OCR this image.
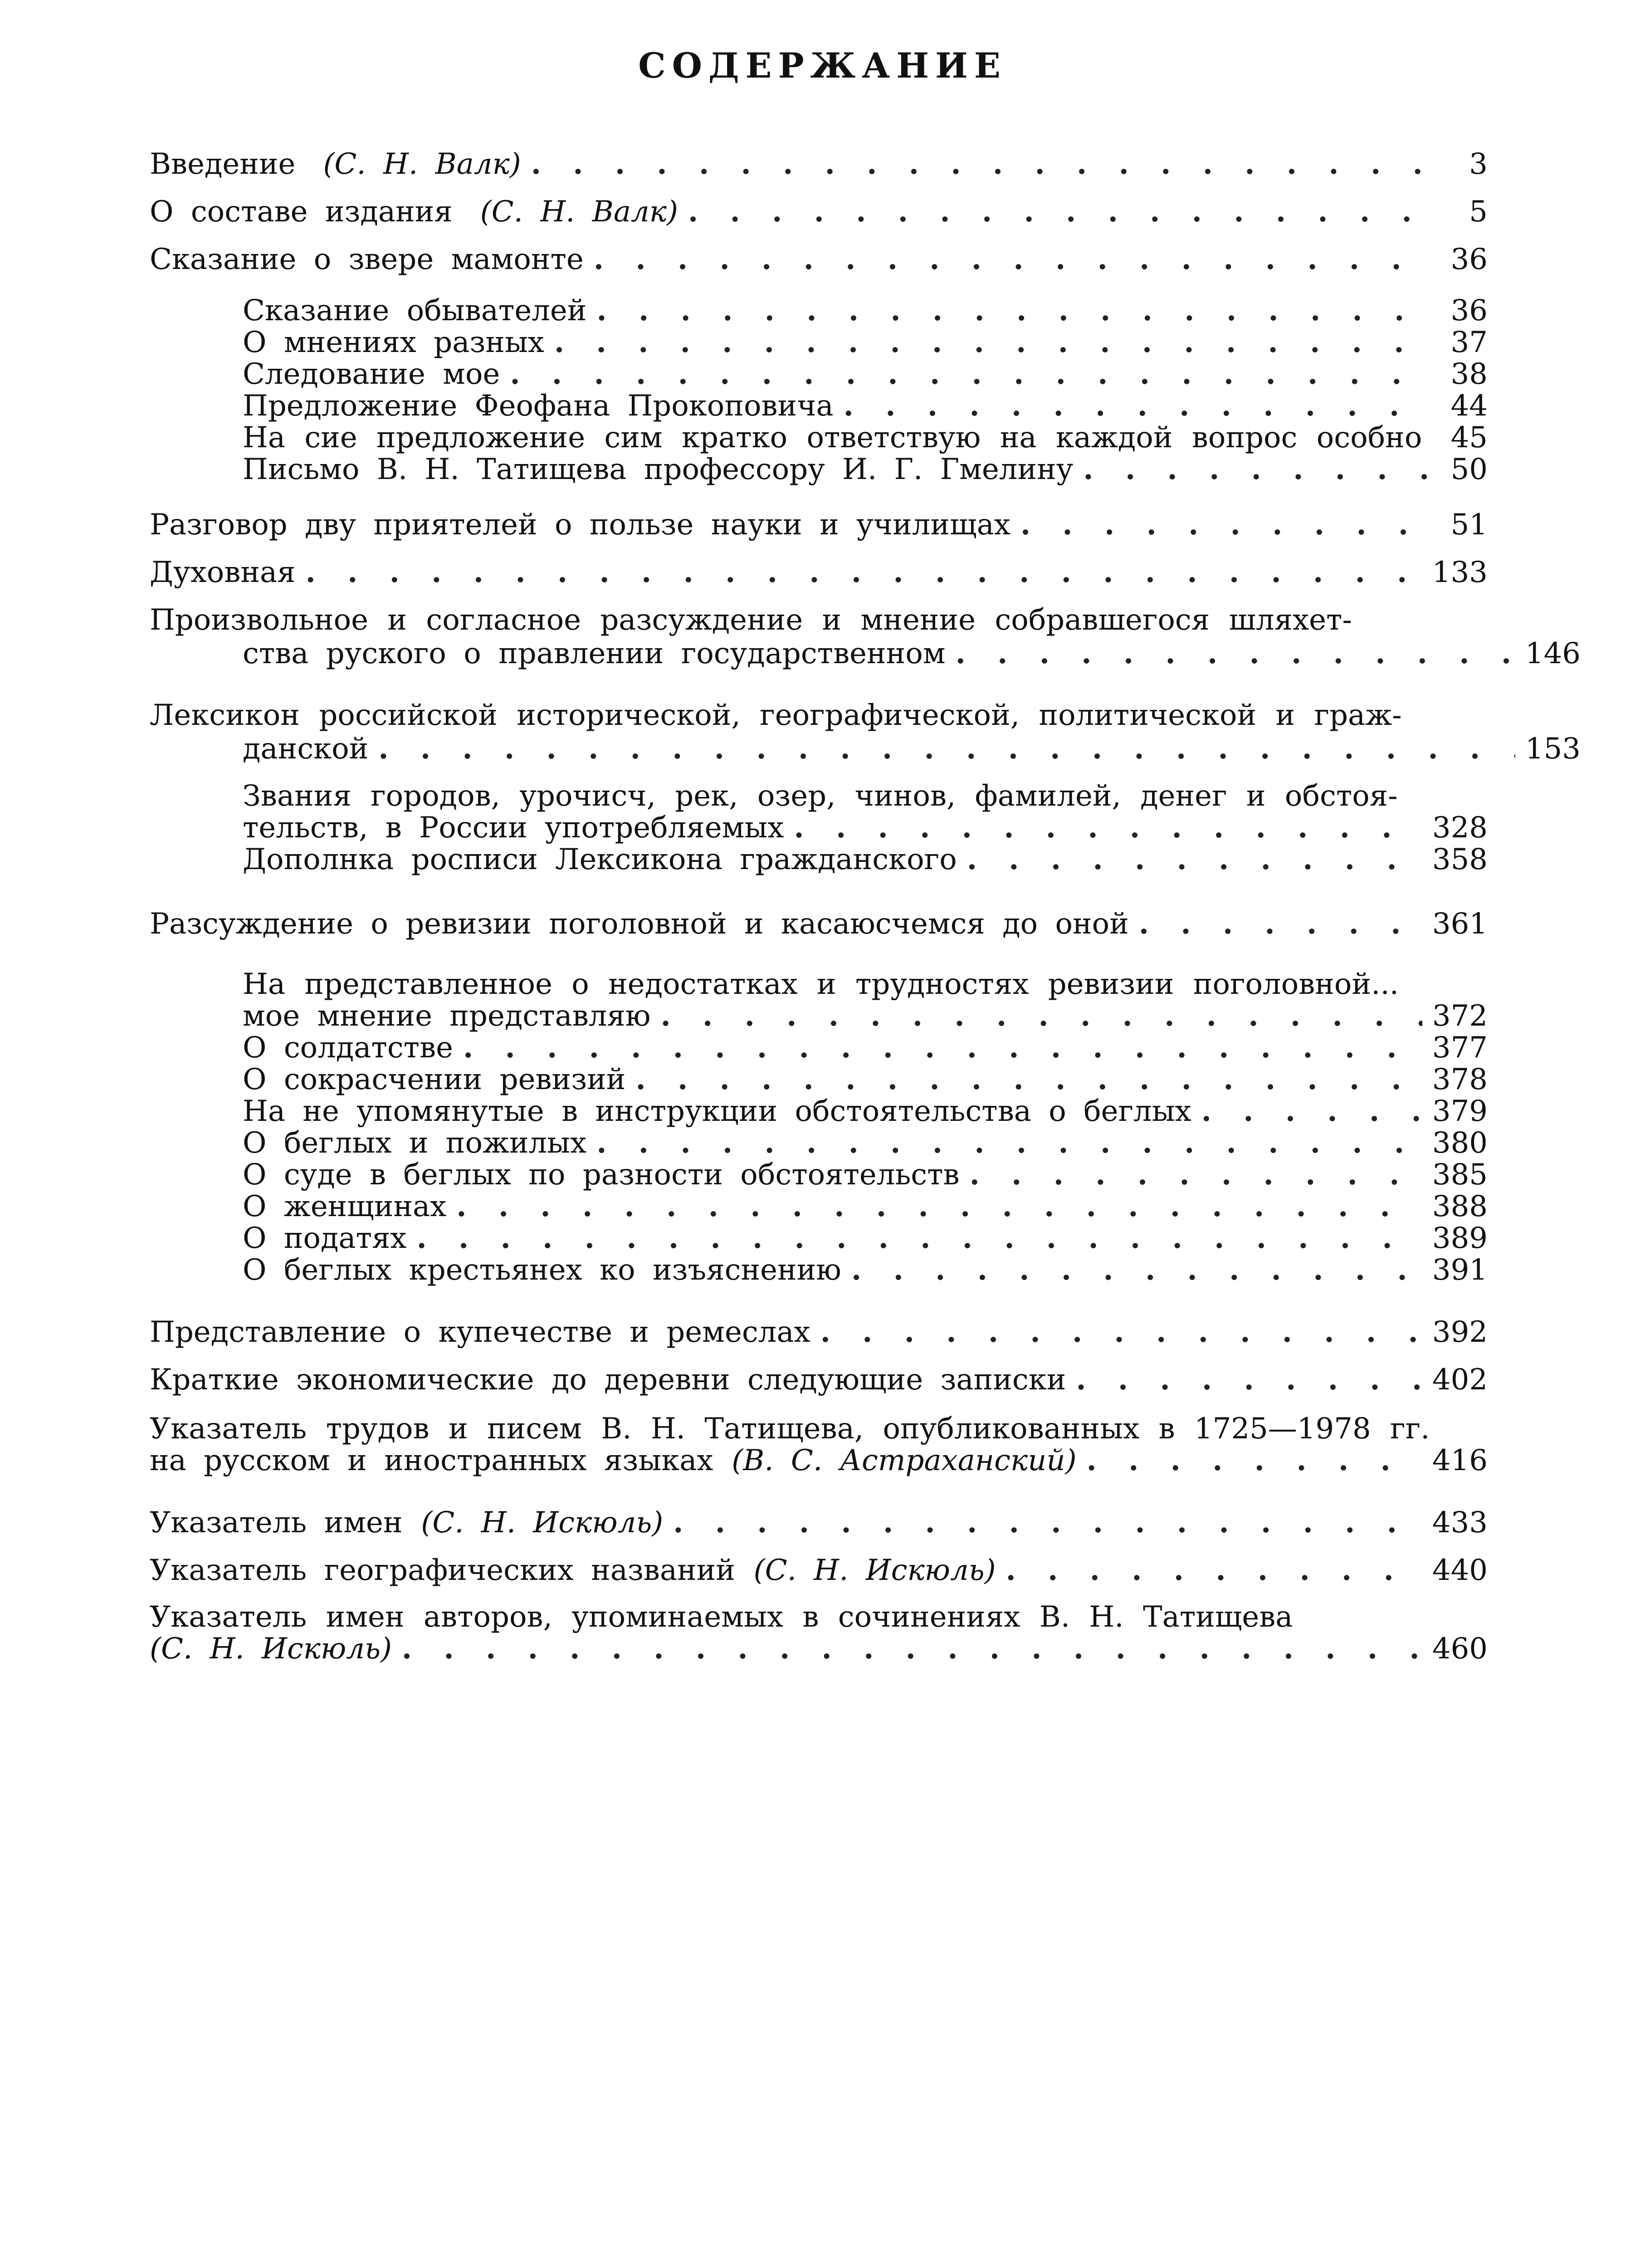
СОДЕРЖАНИЕ
Введение
(С. Н. Валк) . . .	3
О составе издания
(С. Н. Валк) . . .	5
Сказание о звере мамонте . . .	36
Сказание обывателей . . .	36
О мнениях разных . . .	37
Следование мое . . .	38
Предложение Феофана Прокоповича . . .	44
На сие предложение сим кратко ответствую на каждой вопрос особно 45
Письмо В. Н. Татищева профессору И. Г. Гмелину . . .	50
Разговор дву приятелей о пользе науки и училищах . . .	51
Духовная . . .	133
Произвольное и согласное разсуждение и мнение собравшегося шляхет-
ства руского о правлении государственном . . .	146
Лексикон российской исторической, географической, политической и граж-
данской . . .	153
Звания городов, урочисч, рек, озер, чинов, фамилей, денег и обстоя-
тельств, в России употребляемых . . .	328
Дополнка росписи Лексикона гражданского . . .	358
Разсуждение о ревизии поголовной и касаюсчемся до оной . . .	361
На представленное о недостатках и трудностях ревизии поголовной...
мое мнение представляю . . .	372
О солдатстве . . .	377
О сокрасчении ревизий . . .	378
На не упомянутые в инструкции обстоятельства о беглых . . .	379
О беглых и пожилых . . .	380
О суде в беглых по разности обстоятельств . . .	385
О женщинах . . .	388
О податях . . .	389
О беглых крестьянех ко изъяснению . . .	391
Представление о купечестве и ремеслах . . .	392
Краткие экономические до деревни следующие записки . . .	402
Указатель трудов и писем В. Н. Татищева, опубликованных в 1725—1978 гг.
на русском и иностранных языках
(В. С. Астраханский) . . .	416
Указатель имен
(С. Н. Искюль) . . .	433
Указатель географических названий
(С. Н. Искюль) . . .	440
Указатель имен авторов, упоминаемых в сочинениях В. Н. Татищева
(С. Н. Искюль) . . .	460
